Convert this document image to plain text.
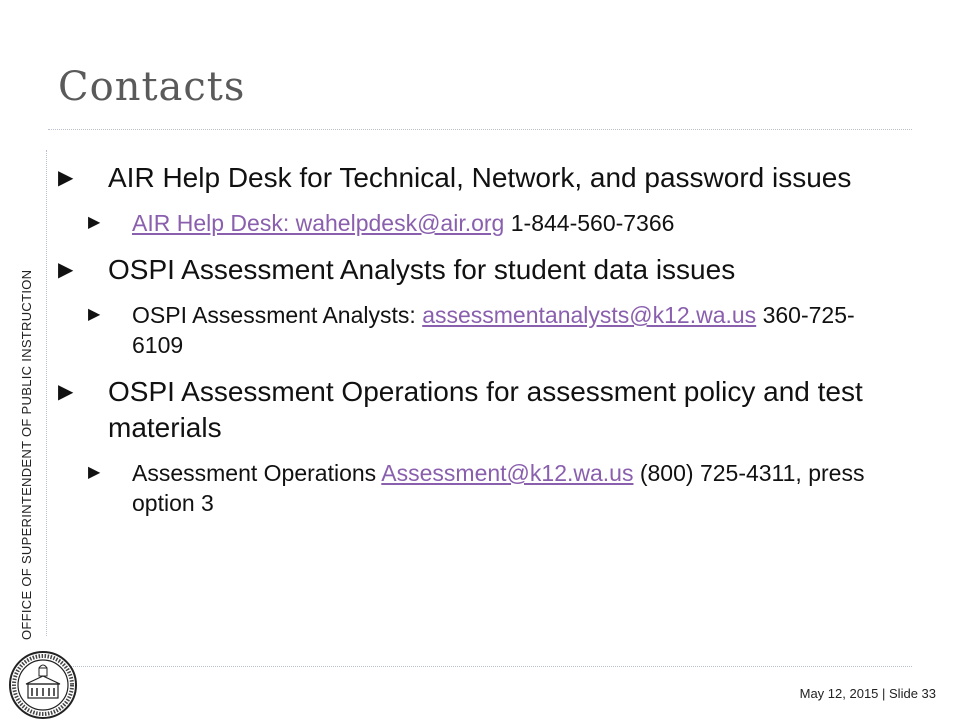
Contacts
OFFICE OF SUPERINTENDENT OF PUBLIC INSTRUCTION
▶ AIR Help Desk for Technical, Network, and password issues
▶ AIR Help Desk: wahelpdesk@air.org 1-844-560-7366
▶ OSPI Assessment Analysts for student data issues
▶ OSPI Assessment Analysts: assessmentanalysts@k12.wa.us 360-725-6109
▶ OSPI Assessment Operations for assessment policy and test materials
▶ Assessment Operations Assessment@k12.wa.us (800) 725-4311, press option 3
May 12, 2015 | Slide 33
